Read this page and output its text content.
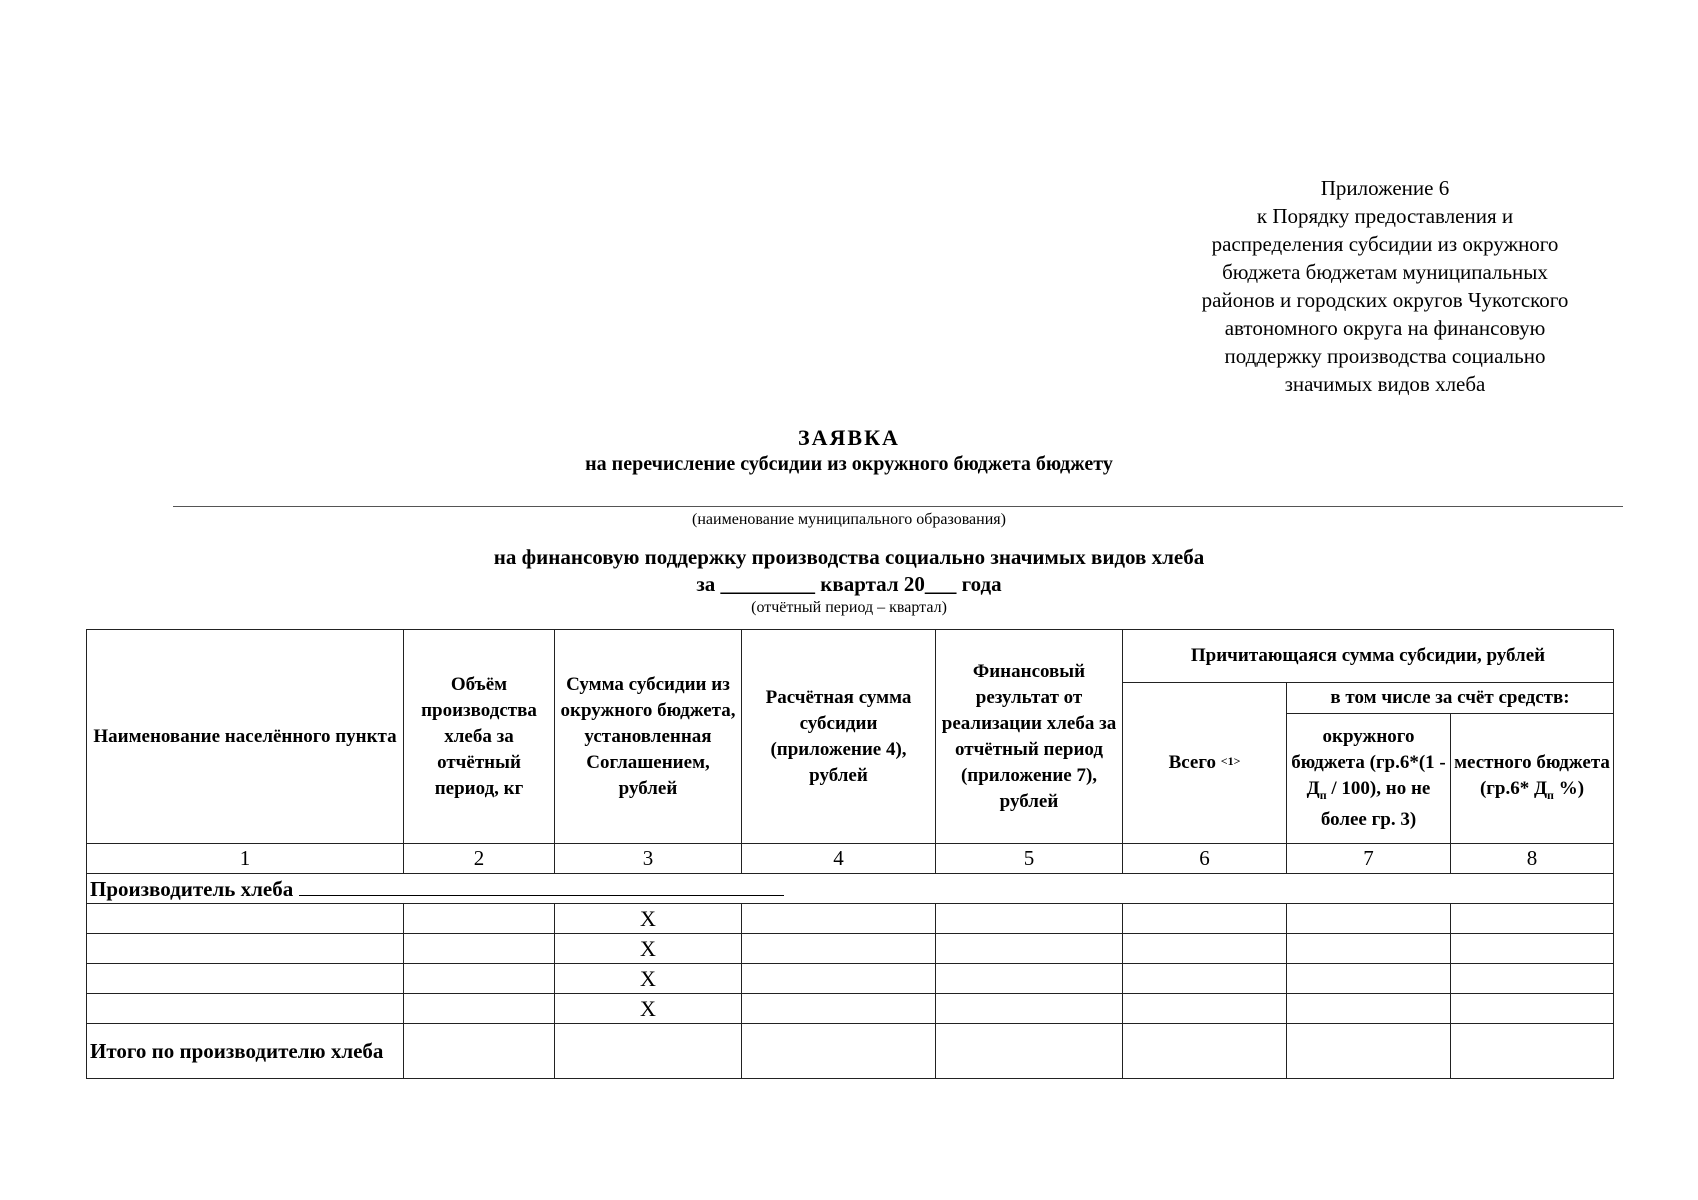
Приложение 6
к Порядку предоставления и
распределения субсидии из окружного
бюджета бюджетам муниципальных
районов и городских округов Чукотского
автономного округа на финансовую
поддержку производства социально
значимых видов хлеба
ЗАЯВКА
на перечисление субсидии из окружного бюджета бюджету
(наименование муниципального образования)
на финансовую поддержку производства социально значимых видов хлеба
за _________ квартал 20___ года
(отчётный период – квартал)
Наименование населённого пункта	Объём производства хлеба за отчётный период, кг	Сумма субсидии из окружного бюджета, установленная Соглашением, рублей	Расчётная сумма субсидии (приложение 4), рублей	Финансовый результат от реализации хлеба за отчётный период (приложение 7), рублей	Причитающаяся сумма субсидии, рублей		
					Всего $^{<1>}$	в том числе за счёт средств:	
						окружного бюджета ($гр.6*(1 - Д_п / 100)$, но не более гр. 3)	местного бюджета (гр.6* $Д_п$ %)
1	2	3	4	5	6	7	8
Производитель хлеба							
		X					
		X					
		X					
		X					
Итого по производителю хлеба							
